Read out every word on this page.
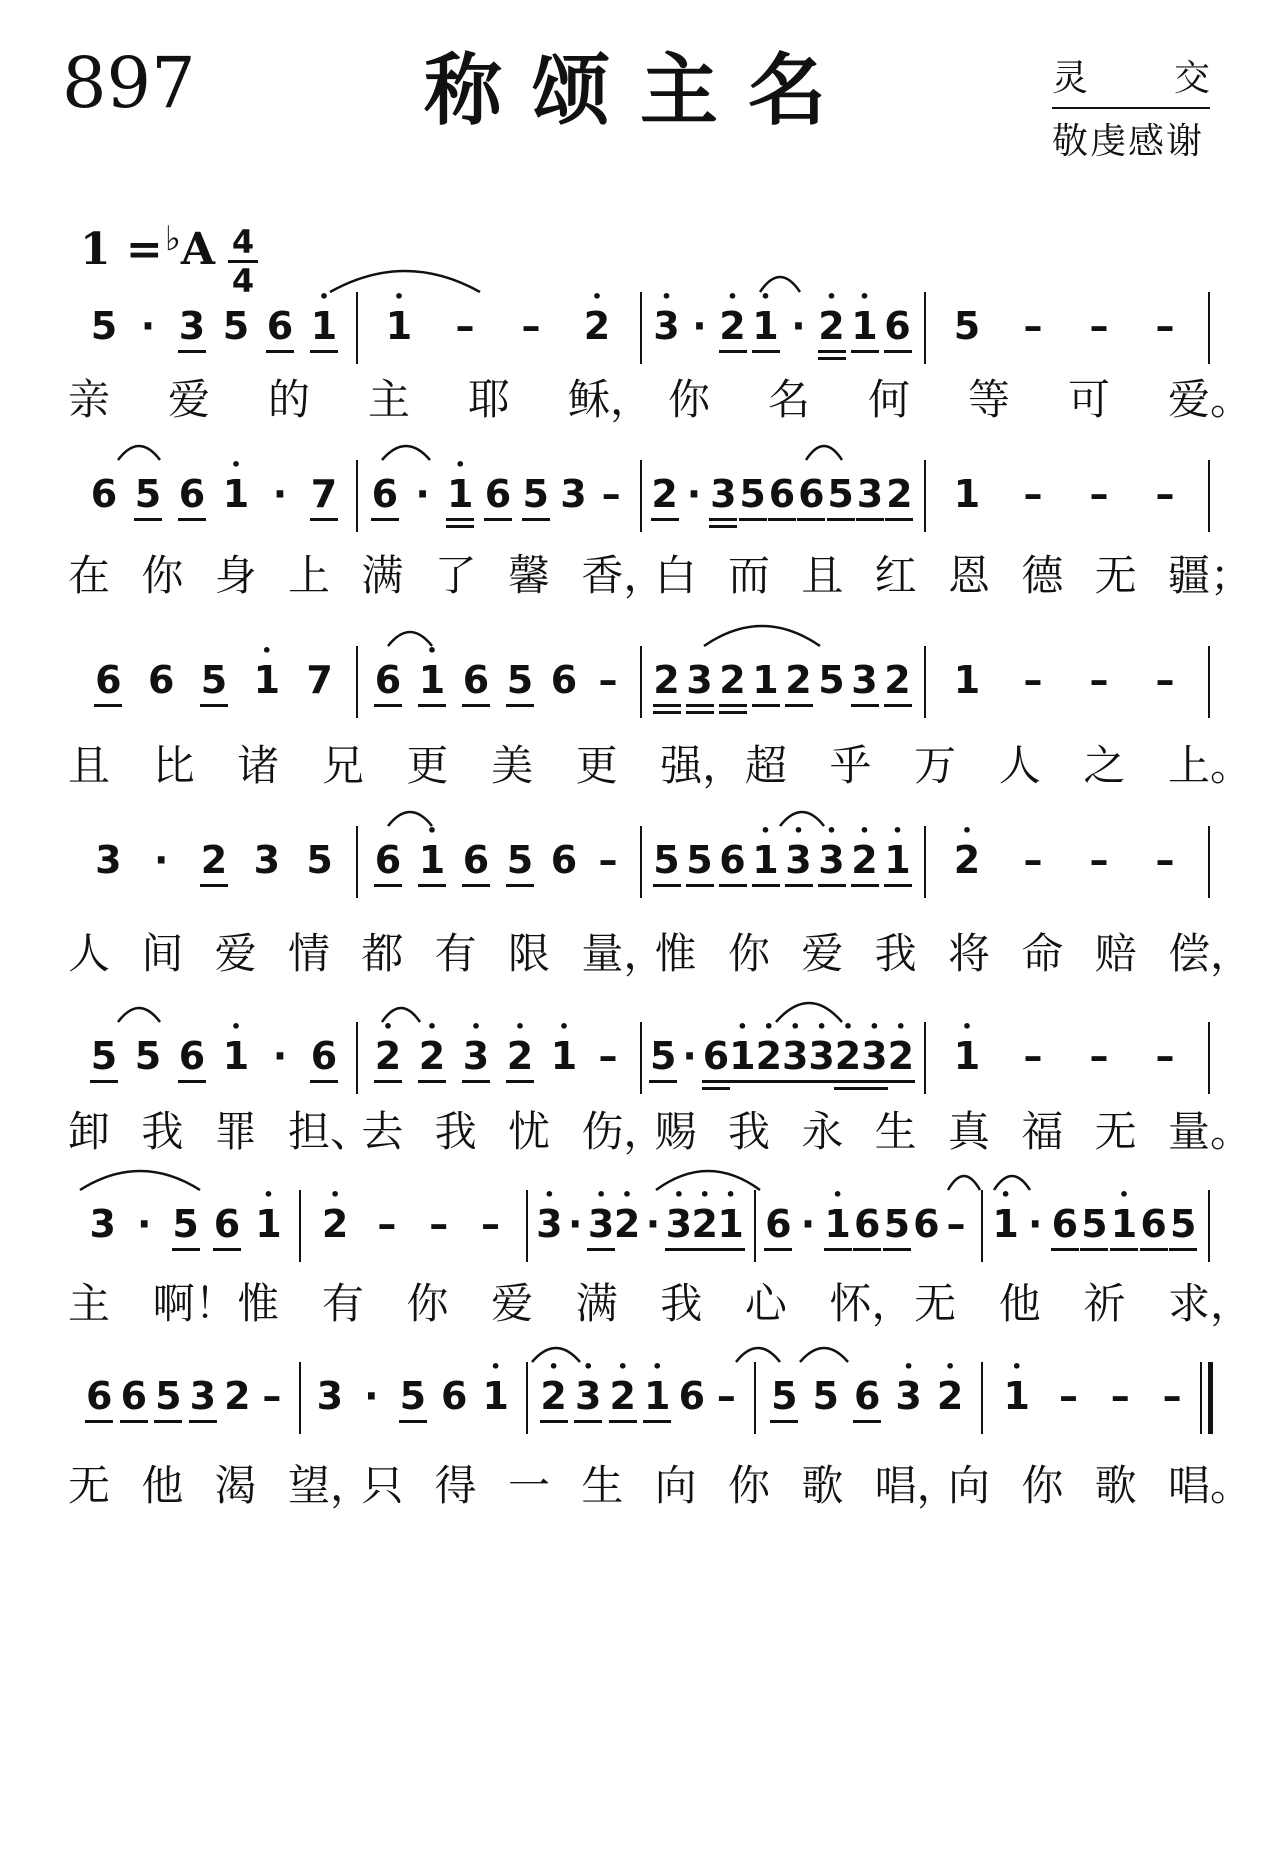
897	称颂主名	灵 交
敬虔感谢
1 =♭A 4
4
5 · 3 5 6 1
•
1
•
– – 2
•
3
•
· 2
•
1
•
· 2
•
1
•
6 5 – – –
亲 爱 的 主 耶 稣， 你 名 何 等 可 爱。
6 5 6 1
•
· 7 6 · 1
•
6 5 3 – 2 · 3 5 6 6 5 3 2 1 – – –
在 你 身 上 满 了 馨 香，
白 而 且 红 恩 德 无 疆；
6 6 5 1
•
7 6 1
•
6 5 6 – 2 3 2 1 2 5 3 2 1 – – –
且 比 诸 兄 更 美 更 强， 超 乎 万 人 之 上。
3 · 2 3 5 6 1
•
6 5 6 – 5 5 6 1
•
3
•
3
•
2
•
1
•
2
•
– – –
人 间 爱 情 都 有 限 量，
惟 你 爱 我 将 命 赔 偿，
5 5 6 1
•
· 6 2
•
2
•
3
•
2
•
1
•
– 5 · 6 1
•
2
•
3
•
3
•
2
•
3
•
2
•
1
•
– – –
卸 我 罪 担、
去 我 忧 伤，
赐 我 永 生 真 福 无 量。
3 · 5 6 1
•
2
•
– – – 3
•
· 3
•
2
•
· 3
•
2
•
1
•
6 · 1
•
6 5 6 – 1
•
· 6 5 1
•
6 5
主 啊！ 惟 有 你 爱 满 我 心 怀， 无 他 祈 求，
6 6 5 3 2 – 3 · 5 6 1
•
2
•
3
•
2
•
1
•
6 – 5 5 6 3
•
2
•
1
•
– – –
无 他 渴 望，
只 得 一 生 向 你 歌 唱，
向 你 歌 唱。
